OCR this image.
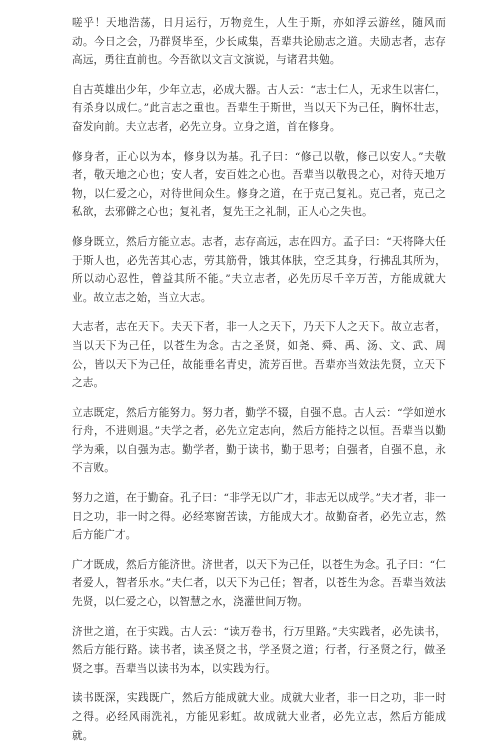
嗟乎！天地浩荡，日月运行，万物竞生，人生于斯，亦如浮云游丝，随风而动。今日之会，乃群贤毕至，少长咸集，吾辈共论励志之道。夫励志者，志存高远，勇往直前也。今吾欲以文言文演说，与诸君共勉。

自古英雄出少年，少年立志，必成大器。古人云：“志士仁人，无求生以害仁，有杀身以成仁。”此言志之重也。吾辈生于斯世，当以天下为己任，胸怀壮志，奋发向前。夫立志者，必先立身。立身之道，首在修身。

修身者，正心以为本，修身以为基。孔子曰：“修己以敬，修己以安人。”夫敬者，敬天地之心也；安人者，安百姓之心也。吾辈当以敬畏之心，对待天地万物，以仁爱之心，对待世间众生。修身之道，在于克己复礼。克己者，克己之私欲，去邪僻之心也；复礼者，复先王之礼制，正人心之失也。

修身既立，然后方能立志。志者，志存高远，志在四方。孟子曰：“天将降大任于斯人也，必先苦其心志，劳其筋骨，饿其体肤，空乏其身，行拂乱其所为，所以动心忍性，曾益其所不能。”夫立志者，必先历尽千辛万苦，方能成就大业。故立志之始，当立大志。

大志者，志在天下。夫天下者，非一人之天下，乃天下人之天下。故立志者，当以天下为己任，以苍生为念。古之圣贤，如尧、舜、禹、汤、文、武、周公，皆以天下为己任，故能垂名青史，流芳百世。吾辈亦当效法先贤，立天下之志。

立志既定，然后方能努力。努力者，勤学不辍，自强不息。古人云：“学如逆水行舟，不进则退。”夫学之者，必先立定志向，然后方能持之以恒。吾辈当以勤学为乘，以自强为志。勤学者，勤于读书，勤于思考；自强者，自强不息，永不言败。

努力之道，在于勤奋。孔子曰：“非学无以广才，非志无以成学。”夫才者，非一日之功，非一时之得。必经寒窗苦读，方能成大才。故勤奋者，必先立志，然后方能广才。

广才既成，然后方能济世。济世者，以天下为己任，以苍生为念。孔子曰：“仁者爱人，智者乐水。”夫仁者，以天下为己任；智者，以苍生为念。吾辈当效法先贤，以仁爱之心，以智慧之水，浇灌世间万物。

济世之道，在于实践。古人云：“读万卷书，行万里路。”夫实践者，必先读书，然后方能行路。读书者，读圣贤之书，学圣贤之道；行者，行圣贤之行，做圣贤之事。吾辈当以读书为本，以实践为行。

读书既深，实践既广，然后方能成就大业。成就大业者，非一日之功，非一时之得。必经风雨洗礼，方能见彩虹。故成就大业者，必先立志，然后方能成就。
